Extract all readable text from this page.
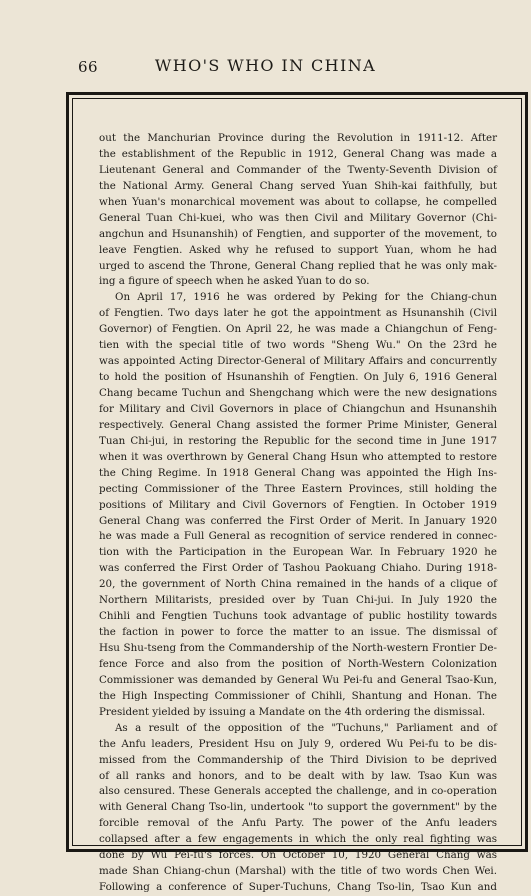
66	WHO'S WHO IN CHINA
out the Manchurian Province during the Revolution in 1911-12. After
the establishment of the Republic in 1912, General Chang was made a
Lieutenant General and Commander of the Twenty-Seventh Division of
the National Army. General Chang served Yuan Shih-kai faithfully, but
when Yuan's monarchical movement was about to collapse, he compelled
General Tuan Chi-kuei, who was then Civil and Military Governor (Chi-
angchun and Hsunanshih) of Fengtien, and supporter of the movement, to
leave Fengtien. Asked why he refused to support Yuan, whom he had
urged to ascend the Throne, General Chang replied that he was only mak-
ing a figure of speech when he asked Yuan to do so.
On April 17, 1916 he was ordered by Peking for the Chiang-chun
of Fengtien. Two days later he got the appointment as Hsunanshih (Civil
Governor) of Fengtien. On April 22, he was made a Chiangchun of Feng-
tien with the special title of two words "Sheng Wu." On the 23rd he
was appointed Acting Director-General of Military Affairs and concurrently
to hold the position of Hsunanshih of Fengtien. On July 6, 1916 General
Chang became Tuchun and Shengchang which were the new designations
for Military and Civil Governors in place of Chiangchun and Hsunanshih
respectively. General Chang assisted the former Prime Minister, General
Tuan Chi-jui, in restoring the Republic for the second time in June 1917
when it was overthrown by General Chang Hsun who attempted to restore
the Ching Regime. In 1918 General Chang was appointed the High Ins-
pecting Commissioner of the Three Eastern Provinces, still holding the
positions of Military and Civil Governors of Fengtien. In October 1919
General Chang was conferred the First Order of Merit. In January 1920
he was made a Full General as recognition of service rendered in connec-
tion with the Participation in the European War. In February 1920 he
was conferred the First Order of Tashou Paokuang Chiaho. During 1918-
20, the government of North China remained in the hands of a clique of
Northern Militarists, presided over by Tuan Chi-jui. In July 1920 the
Chihli and Fengtien Tuchuns took advantage of public hostility towards
the faction in power to force the matter to an issue. The dismissal of
Hsu Shu-tseng from the Commandership of the North-western Frontier De-
fence Force and also from the position of North-Western Colonization
Commissioner was demanded by General Wu Pei-fu and General Tsao-Kun,
the High Inspecting Commissioner of Chihli, Shantung and Honan. The
President yielded by issuing a Mandate on the 4th ordering the dismissal.
As a result of the opposition of the "Tuchuns," Parliament and of
the Anfu leaders, President Hsu on July 9, ordered Wu Pei-fu to be dis-
missed from the Commandership of the Third Division to be deprived
of all ranks and honors, and to be dealt with by law. Tsao Kun was
also censured. These Generals accepted the challenge, and in co-operation
with General Chang Tso-lin, undertook "to support the government" by the
forcible removal of the Anfu Party. The power of the Anfu leaders
collapsed after a few engagements in which the only real fighting was
done by Wu Pei-fu's forces. On October 10, 1920 General Chang was
made Shan Chiang-chun (Marshal) with the title of two words Chen Wei.
Following a conference of Super-Tuchuns, Chang Tso-lin, Tsao Kun and
